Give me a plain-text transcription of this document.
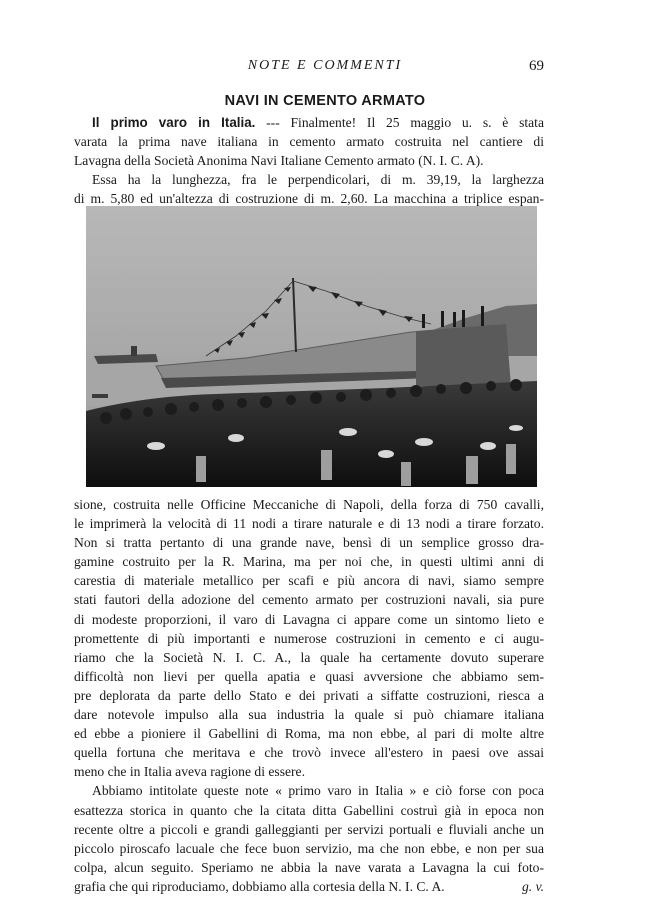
NOTE E COMMENTI	69
NAVI IN CEMENTO ARMATO
Il primo varo in Italia. --- Finalmente! Il 25 maggio u. s. è stata
varata la prima nave italiana in cemento armato costruita nel cantiere di
Lavagna della Società Anonima Navi Italiane Cemento armato (N. I. C. A).
Essa ha la lunghezza, fra le perpendicolari, di m. 39,19, la larghezza
di m. 5,80 ed un'altezza di costruzione di m. 2,60. La macchina a triplice espan-
sione, costruita nelle Officine Meccaniche di Napoli, della forza di 750 cavalli,
le imprimerà la velocità di 11 nodi a tirare naturale e di 13 nodi a tirare forzato.
Non si tratta pertanto di una grande nave, bensì di un semplice grosso dra-
gamine costruito per la R. Marina, ma per noi che, in questi ultimi anni di
carestia di materiale metallico per scafi e più ancora di navi, siamo sempre
stati fautori della adozione del cemento armato per costruzioni navali, sia pure
di modeste proporzioni, il varo di Lavagna ci appare come un sintomo lieto e
promettente di più importanti e numerose costruzioni in cemento e ci augu-
riamo che la Società N. I. C. A., la quale ha certamente dovuto superare
difficoltà non lievi per quella apatia e quasi avversione che abbiamo sem-
pre deplorata da parte dello Stato e dei privati a siffatte costruzioni, riesca a
dare notevole impulso alla sua industria la quale si può chiamare italiana
ed ebbe a pioniere il Gabellini di Roma, ma non ebbe, al pari di molte altre
quella fortuna che meritava e che trovò invece all'estero in paesi ove assai
meno che in Italia aveva ragione di essere.
Abbiamo intitolate queste note « primo varo in Italia » e ciò forse con poca
esattezza storica in quanto che la citata ditta Gabellini costruì già in epoca non
recente oltre a piccoli e grandi galleggianti per servizi portuali e fluviali anche un
piccolo piroscafo lacuale che fece buon servizio, ma che non ebbe, e non per sua
colpa, alcun seguito. Speriamo ne abbia la nave varata a Lavagna la cui foto-
grafia che qui riproduciamo, dobbiamo alla cortesia della N. I. C. A.	g. v.
